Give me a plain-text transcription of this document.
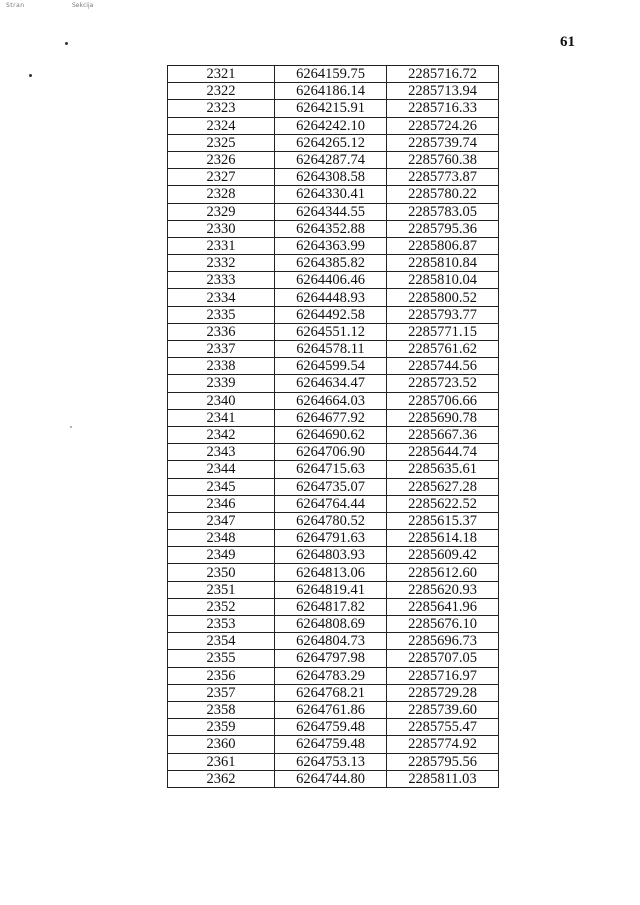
Stran	Sekcija
61
2321	6264159.75	2285716.72
2322	6264186.14	2285713.94
2323	6264215.91	2285716.33
2324	6264242.10	2285724.26
2325	6264265.12	2285739.74
2326	6264287.74	2285760.38
2327	6264308.58	2285773.87
2328	6264330.41	2285780.22
2329	6264344.55	2285783.05
2330	6264352.88	2285795.36
2331	6264363.99	2285806.87
2332	6264385.82	2285810.84
2333	6264406.46	2285810.04
2334	6264448.93	2285800.52
2335	6264492.58	2285793.77
2336	6264551.12	2285771.15
2337	6264578.11	2285761.62
2338	6264599.54	2285744.56
2339	6264634.47	2285723.52
2340	6264664.03	2285706.66
2341	6264677.92	2285690.78
2342	6264690.62	2285667.36
2343	6264706.90	2285644.74
2344	6264715.63	2285635.61
2345	6264735.07	2285627.28
2346	6264764.44	2285622.52
2347	6264780.52	2285615.37
2348	6264791.63	2285614.18
2349	6264803.93	2285609.42
2350	6264813.06	2285612.60
2351	6264819.41	2285620.93
2352	6264817.82	2285641.96
2353	6264808.69	2285676.10
2354	6264804.73	2285696.73
2355	6264797.98	2285707.05
2356	6264783.29	2285716.97
2357	6264768.21	2285729.28
2358	6264761.86	2285739.60
2359	6264759.48	2285755.47
2360	6264759.48	2285774.92
2361	6264753.13	2285795.56
2362	6264744.80	2285811.03
